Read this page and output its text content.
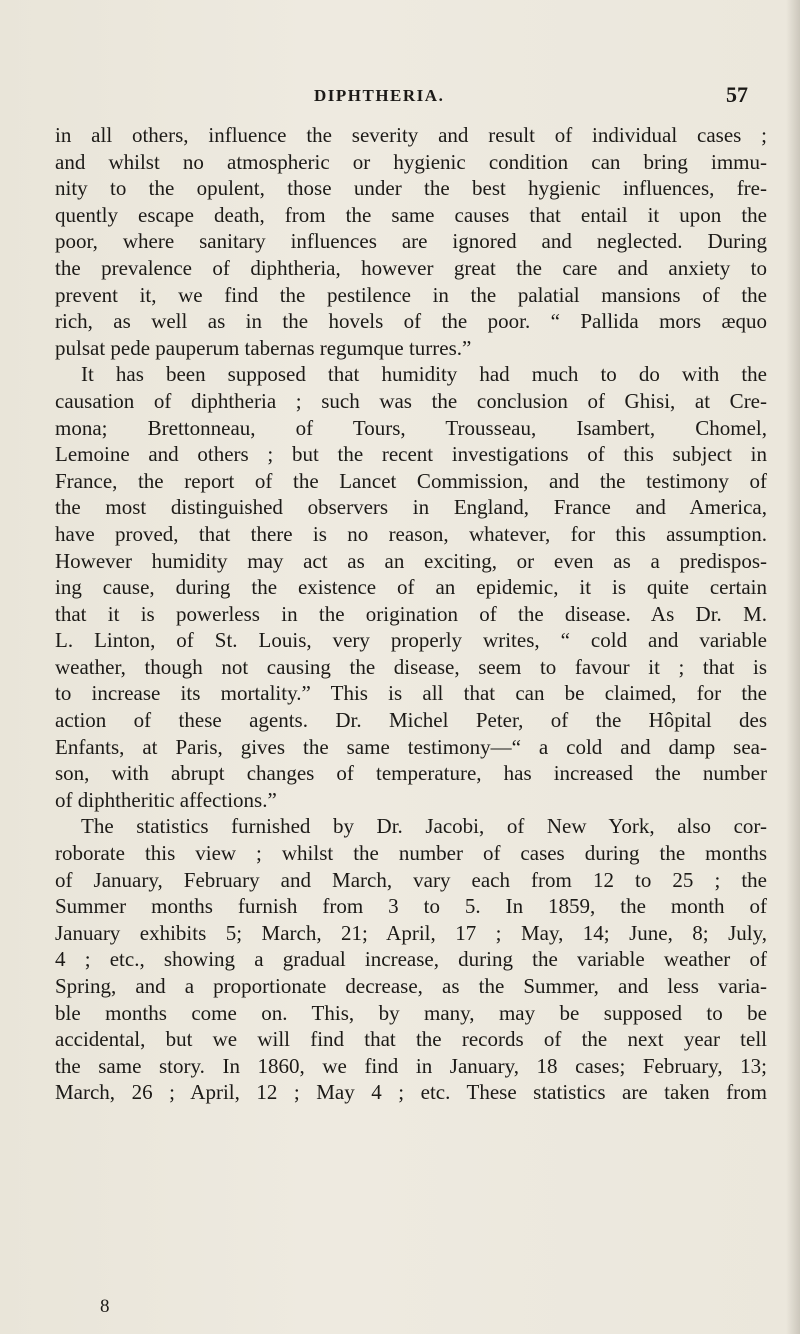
DIPHTHERIA.	57
in all others, influence the severity and result of individual cases ;
and whilst no atmospheric or hygienic condition can bring immu-
nity to the opulent, those under the best hygienic influences, fre-
quently escape death, from the same causes that entail it upon the
poor, where sanitary influences are ignored and neglected. During
the prevalence of diphtheria, however great the care and anxiety to
prevent it, we find the pestilence in the palatial mansions of the
rich, as well as in the hovels of the poor. “ Pallida mors æquo
pulsat pede pauperum tabernas regumque turres.”
It has been supposed that humidity had much to do with the
causation of diphtheria ; such was the conclusion of Ghisi, at Cre-
mona; Brettonneau, of Tours, Trousseau, Isambert, Chomel,
Lemoine and others ; but the recent investigations of this subject in
France, the report of the Lancet Commission, and the testimony of
the most distinguished observers in England, France and America,
have proved, that there is no reason, whatever, for this assumption.
However humidity may act as an exciting, or even as a predispos-
ing cause, during the existence of an epidemic, it is quite certain
that it is powerless in the origination of the disease. As Dr. M.
L. Linton, of St. Louis, very properly writes, “ cold and variable
weather, though not causing the disease, seem to favour it ; that is
to increase its mortality.” This is all that can be claimed, for the
action of these agents. Dr. Michel Peter, of the Hôpital des
Enfants, at Paris, gives the same testimony—“ a cold and damp sea-
son, with abrupt changes of temperature, has increased the number
of diphtheritic affections.”
The statistics furnished by Dr. Jacobi, of New York, also cor-
roborate this view ; whilst the number of cases during the months
of January, February and March, vary each from 12 to 25 ; the
Summer months furnish from 3 to 5. In 1859, the month of
January exhibits 5; March, 21; April, 17 ; May, 14; June, 8; July,
4 ; etc., showing a gradual increase, during the variable weather of
Spring, and a proportionate decrease, as the Summer, and less varia-
ble months come on. This, by many, may be supposed to be
accidental, but we will find that the records of the next year tell
the same story. In 1860, we find in January, 18 cases; February, 13;
March, 26 ; April, 12 ; May 4 ; etc. These statistics are taken from
8
